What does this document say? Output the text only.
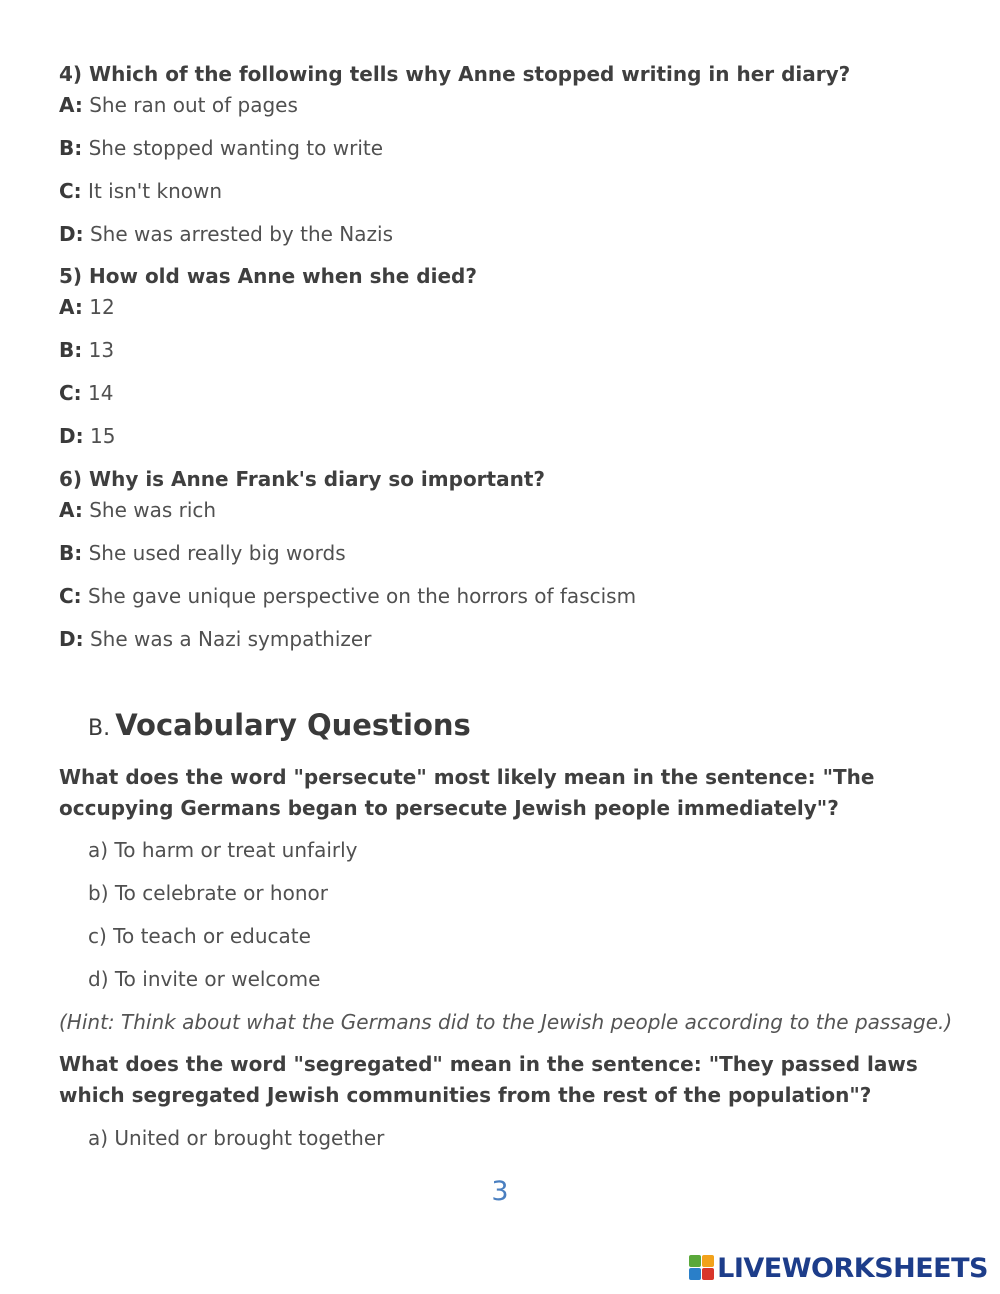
4) Which of the following tells why Anne stopped writing in her diary?

A: She ran out of pages
B: She stopped wanting to write
C: It isn't known
D: She was arrested by the Nazis

5) How old was Anne when she died?

A: 12
B: 13
C: 14
D: 15

6) Why is Anne Frank's diary so important?

A: She was rich
B: She used really big words
C: She gave unique perspective on the horrors of fascism
D: She was a Nazi sympathizer
B. Vocabulary Questions

What does the word "persecute" most likely mean in the sentence: "The occupying Germans began to persecute Jewish people immediately"?

a) To harm or treat unfairly
b) To celebrate or honor
c) To teach or educate
d) To invite or welcome
(Hint: Think about what the Germans did to the Jewish people according to the passage.)

What does the word "segregated" mean in the sentence: "They passed laws which segregated Jewish communities from the rest of the population"?

a) United or brought together
3
LIVEWORKSHEETS
